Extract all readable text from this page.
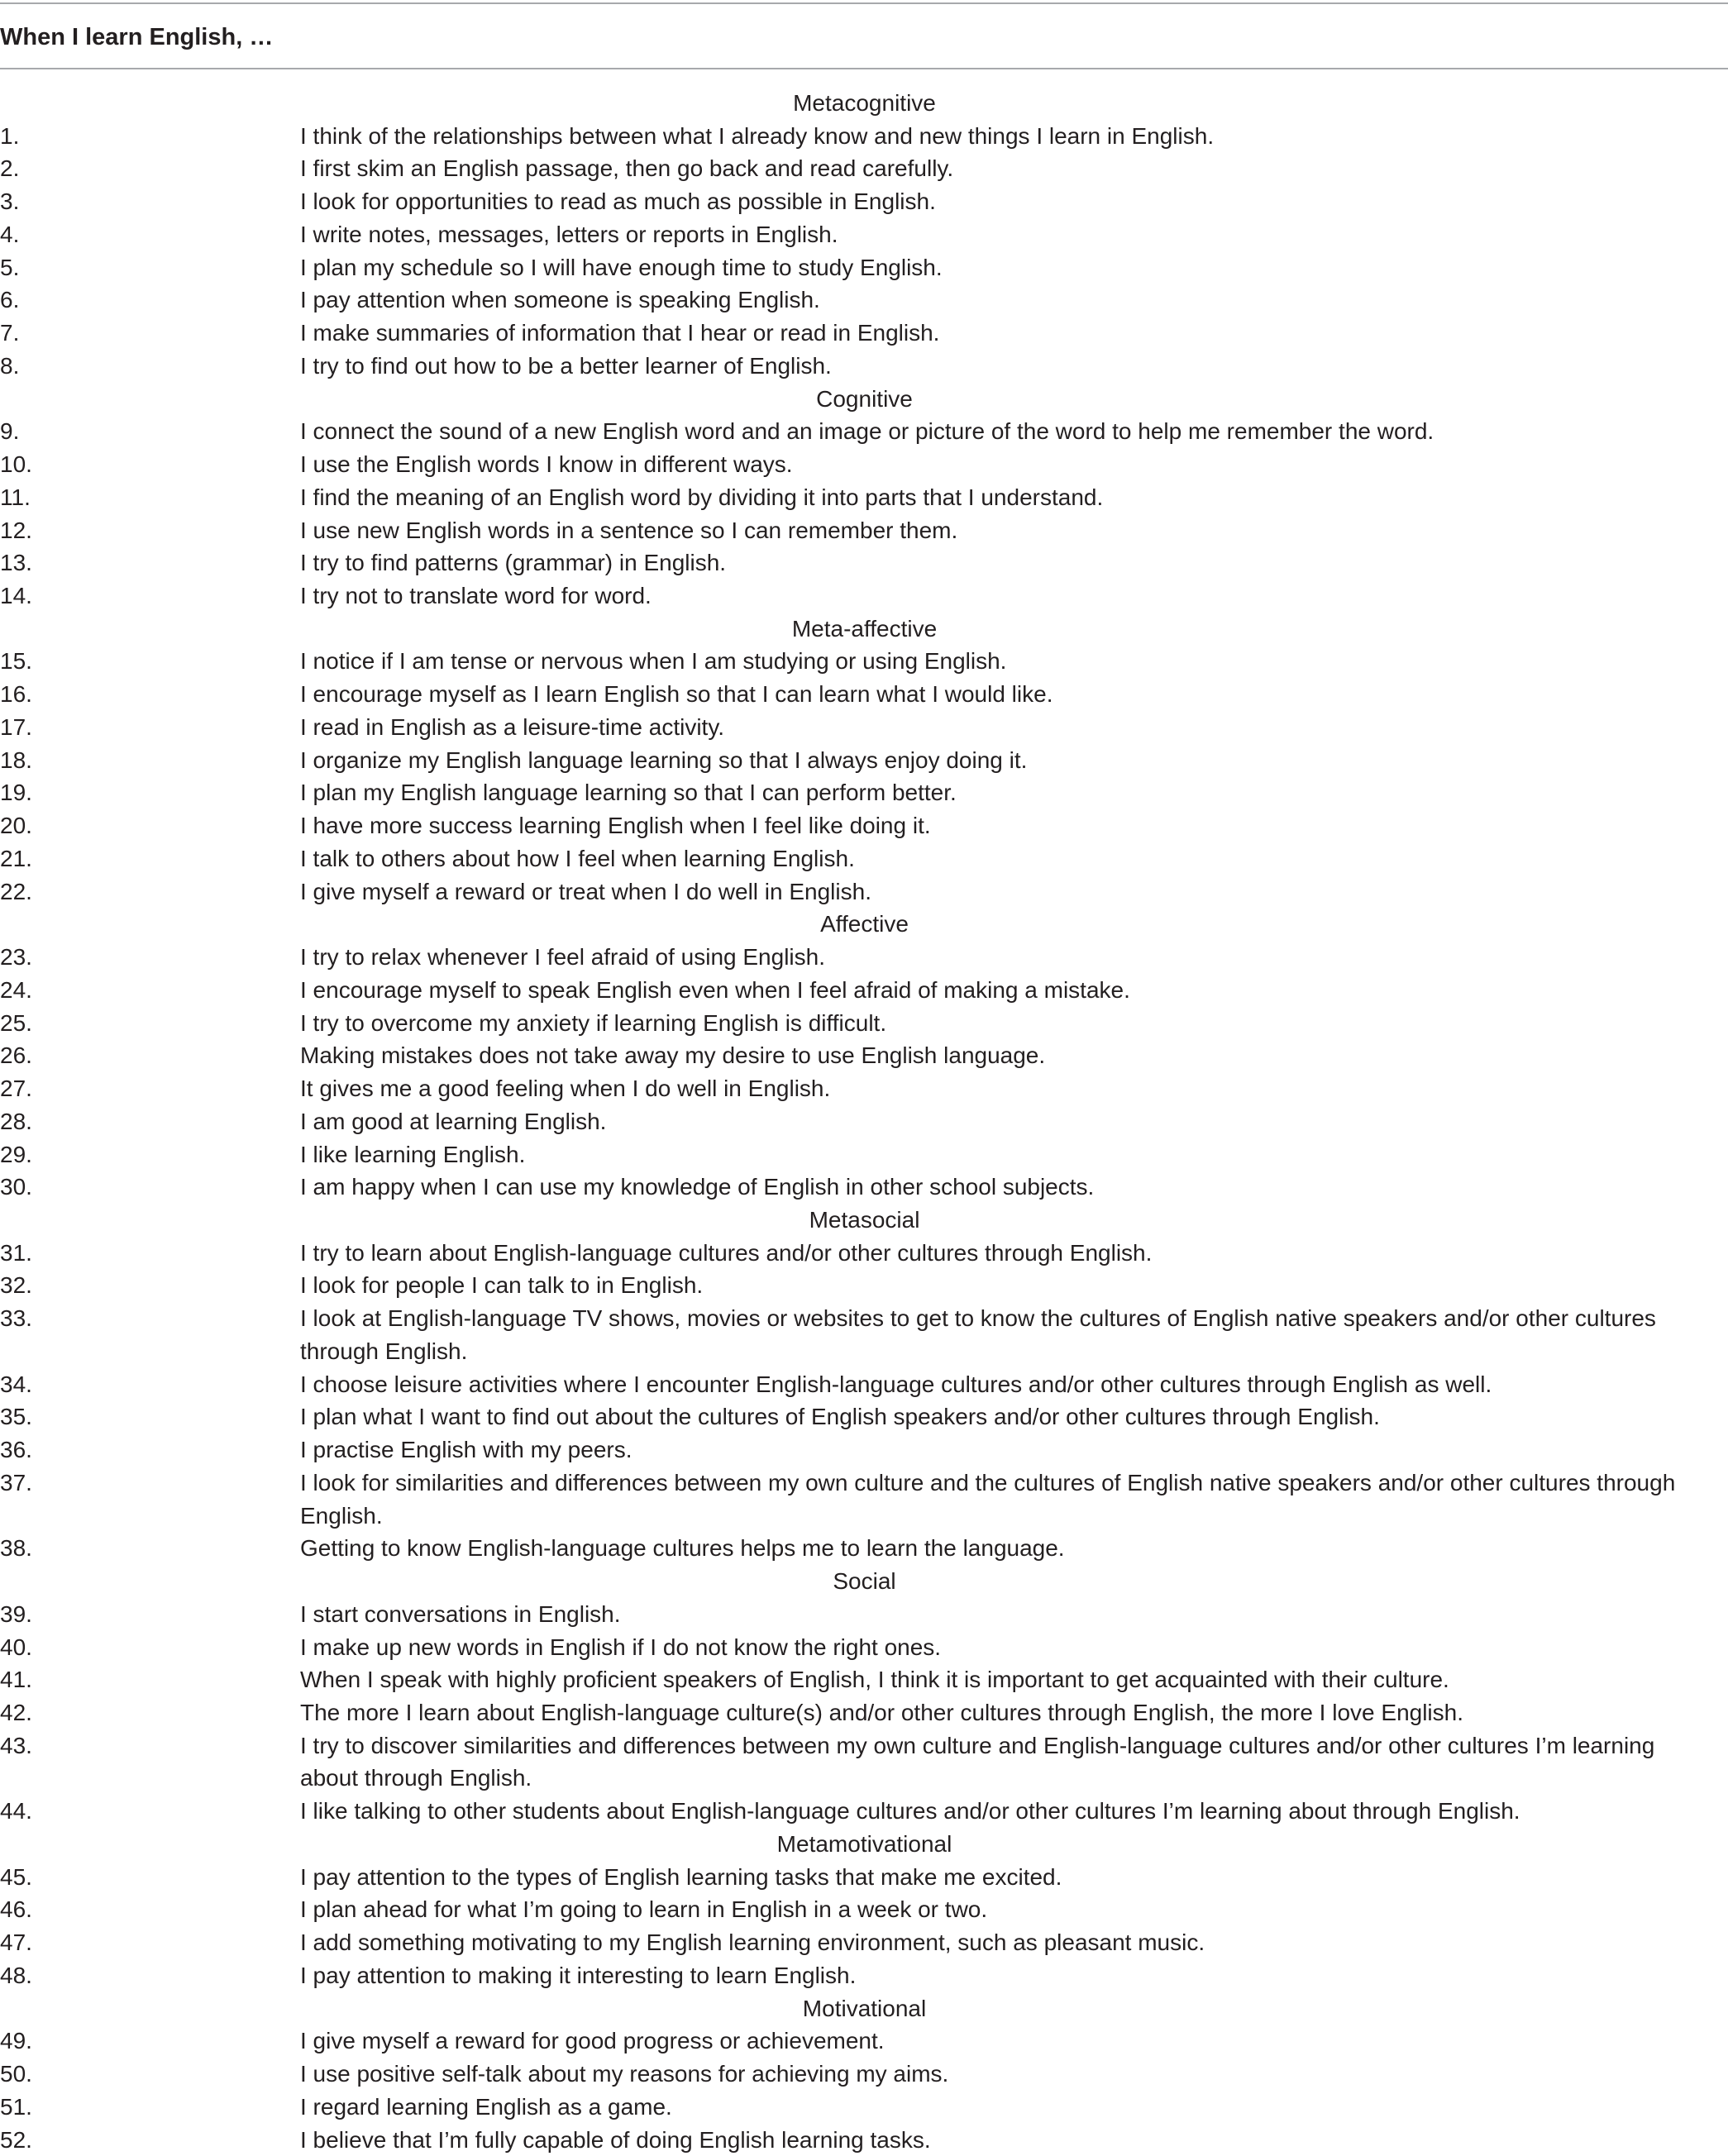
When I learn English, …
Metacognitive
1.	I think of the relationships between what I already know and new things I learn in English.
2.	I first skim an English passage, then go back and read carefully.
3.	I look for opportunities to read as much as possible in English.
4.	I write notes, messages, letters or reports in English.
5.	I plan my schedule so I will have enough time to study English.
6.	I pay attention when someone is speaking English.
7.	I make summaries of information that I hear or read in English.
8.	I try to find out how to be a better learner of English.
Cognitive
9.	I connect the sound of a new English word and an image or picture of the word to help me remember the word.
10.	I use the English words I know in different ways.
11.	I find the meaning of an English word by dividing it into parts that I understand.
12.	I use new English words in a sentence so I can remember them.
13.	I try to find patterns (grammar) in English.
14.	I try not to translate word for word.
Meta-affective
15.	I notice if I am tense or nervous when I am studying or using English.
16.	I encourage myself as I learn English so that I can learn what I would like.
17.	I read in English as a leisure-time activity.
18.	I organize my English language learning so that I always enjoy doing it.
19.	I plan my English language learning so that I can perform better.
20.	I have more success learning English when I feel like doing it.
21.	I talk to others about how I feel when learning English.
22.	I give myself a reward or treat when I do well in English.
Affective
23.	I try to relax whenever I feel afraid of using English.
24.	I encourage myself to speak English even when I feel afraid of making a mistake.
25.	I try to overcome my anxiety if learning English is difficult.
26.	Making mistakes does not take away my desire to use English language.
27.	It gives me a good feeling when I do well in English.
28.	I am good at learning English.
29.	I like learning English.
30.	I am happy when I can use my knowledge of English in other school subjects.
Metasocial
31.	I try to learn about English-language cultures and/or other cultures through English.
32.	I look for people I can talk to in English.
33.	I look at English-language TV shows, movies or websites to get to know the cultures of English native speakers and/or other cultures
through English.
34.	I choose leisure activities where I encounter English-language cultures and/or other cultures through English as well.
35.	I plan what I want to find out about the cultures of English speakers and/or other cultures through English.
36.	I practise English with my peers.
37.	I look for similarities and differences between my own culture and the cultures of English native speakers and/or other cultures through
English.
38.	Getting to know English-language cultures helps me to learn the language.
Social
39.	I start conversations in English.
40.	I make up new words in English if I do not know the right ones.
41.	When I speak with highly proficient speakers of English, I think it is important to get acquainted with their culture.
42.	The more I learn about English-language culture(s) and/or other cultures through English, the more I love English.
43.	I try to discover similarities and differences between my own culture and English-language cultures and/or other cultures I’m learning
about through English.
44.	I like talking to other students about English-language cultures and/or other cultures I’m learning about through English.
Metamotivational
45.	I pay attention to the types of English learning tasks that make me excited.
46.	I plan ahead for what I’m going to learn in English in a week or two.
47.	I add something motivating to my English learning environment, such as pleasant music.
48.	I pay attention to making it interesting to learn English.
Motivational
49.	I give myself a reward for good progress or achievement.
50.	I use positive self-talk about my reasons for achieving my aims.
51.	I regard learning English as a game.
52.	I believe that I’m fully capable of doing English learning tasks.
